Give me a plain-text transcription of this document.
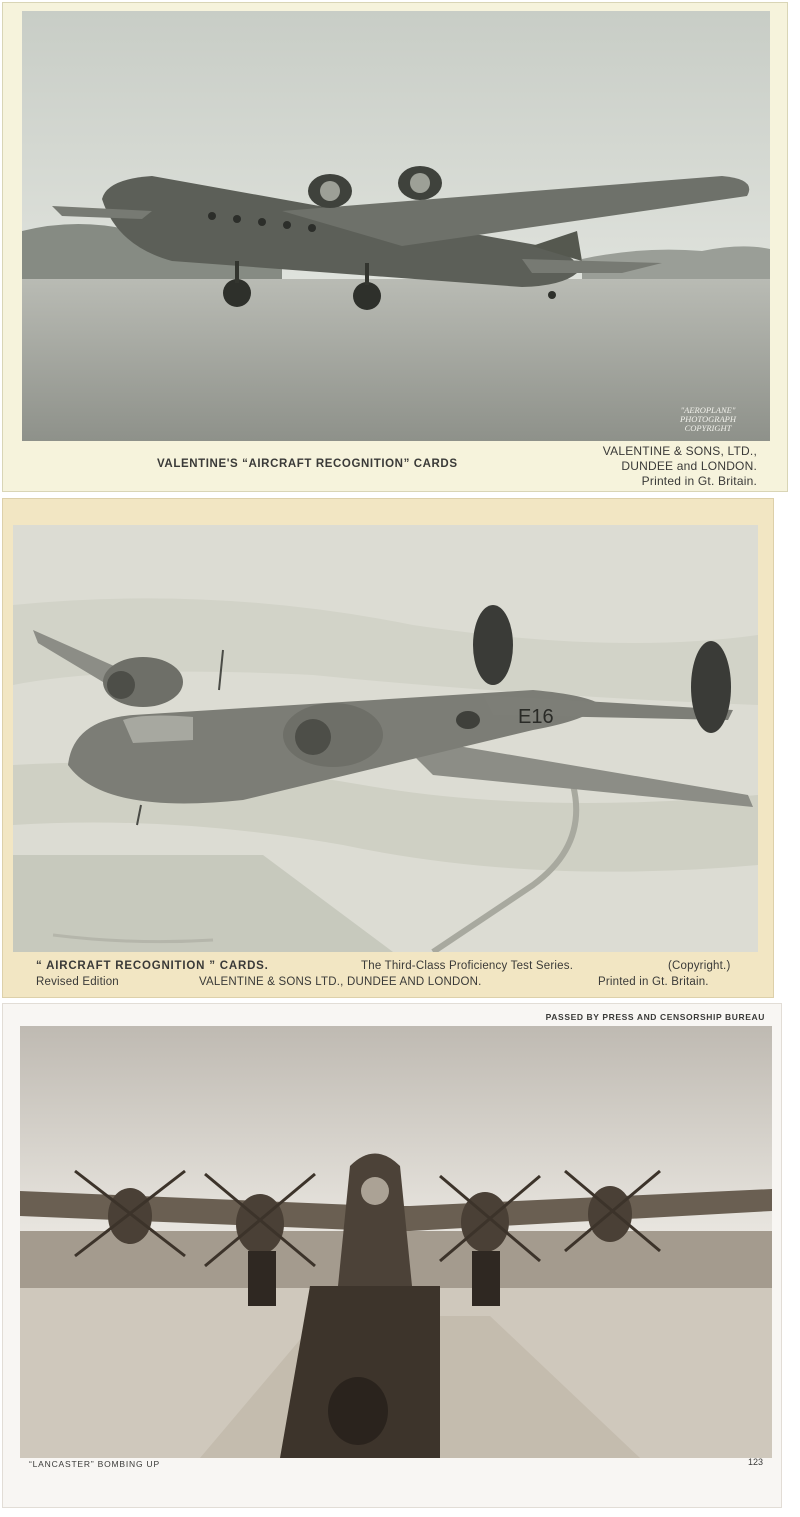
"AEROPLANE"
PHOTOGRAPH
COPYRIGHT
VALENTINE'S “AIRCRAFT RECOGNITION” CARDS
VALENTINE & SONS, LTD.,
DUNDEE and LONDON.
Printed in Gt. Britain.
E16
“ AIRCRAFT RECOGNITION ” CARDS.	The Third-Class Proficiency Test Series.	(Copyright.)
Revised Edition	VALENTINE & SONS LTD., DUNDEE AND LONDON.	Printed in Gt. Britain.
PASSED BY PRESS AND CENSORSHIP BUREAU
“LANCASTER” BOMBING UP	123
